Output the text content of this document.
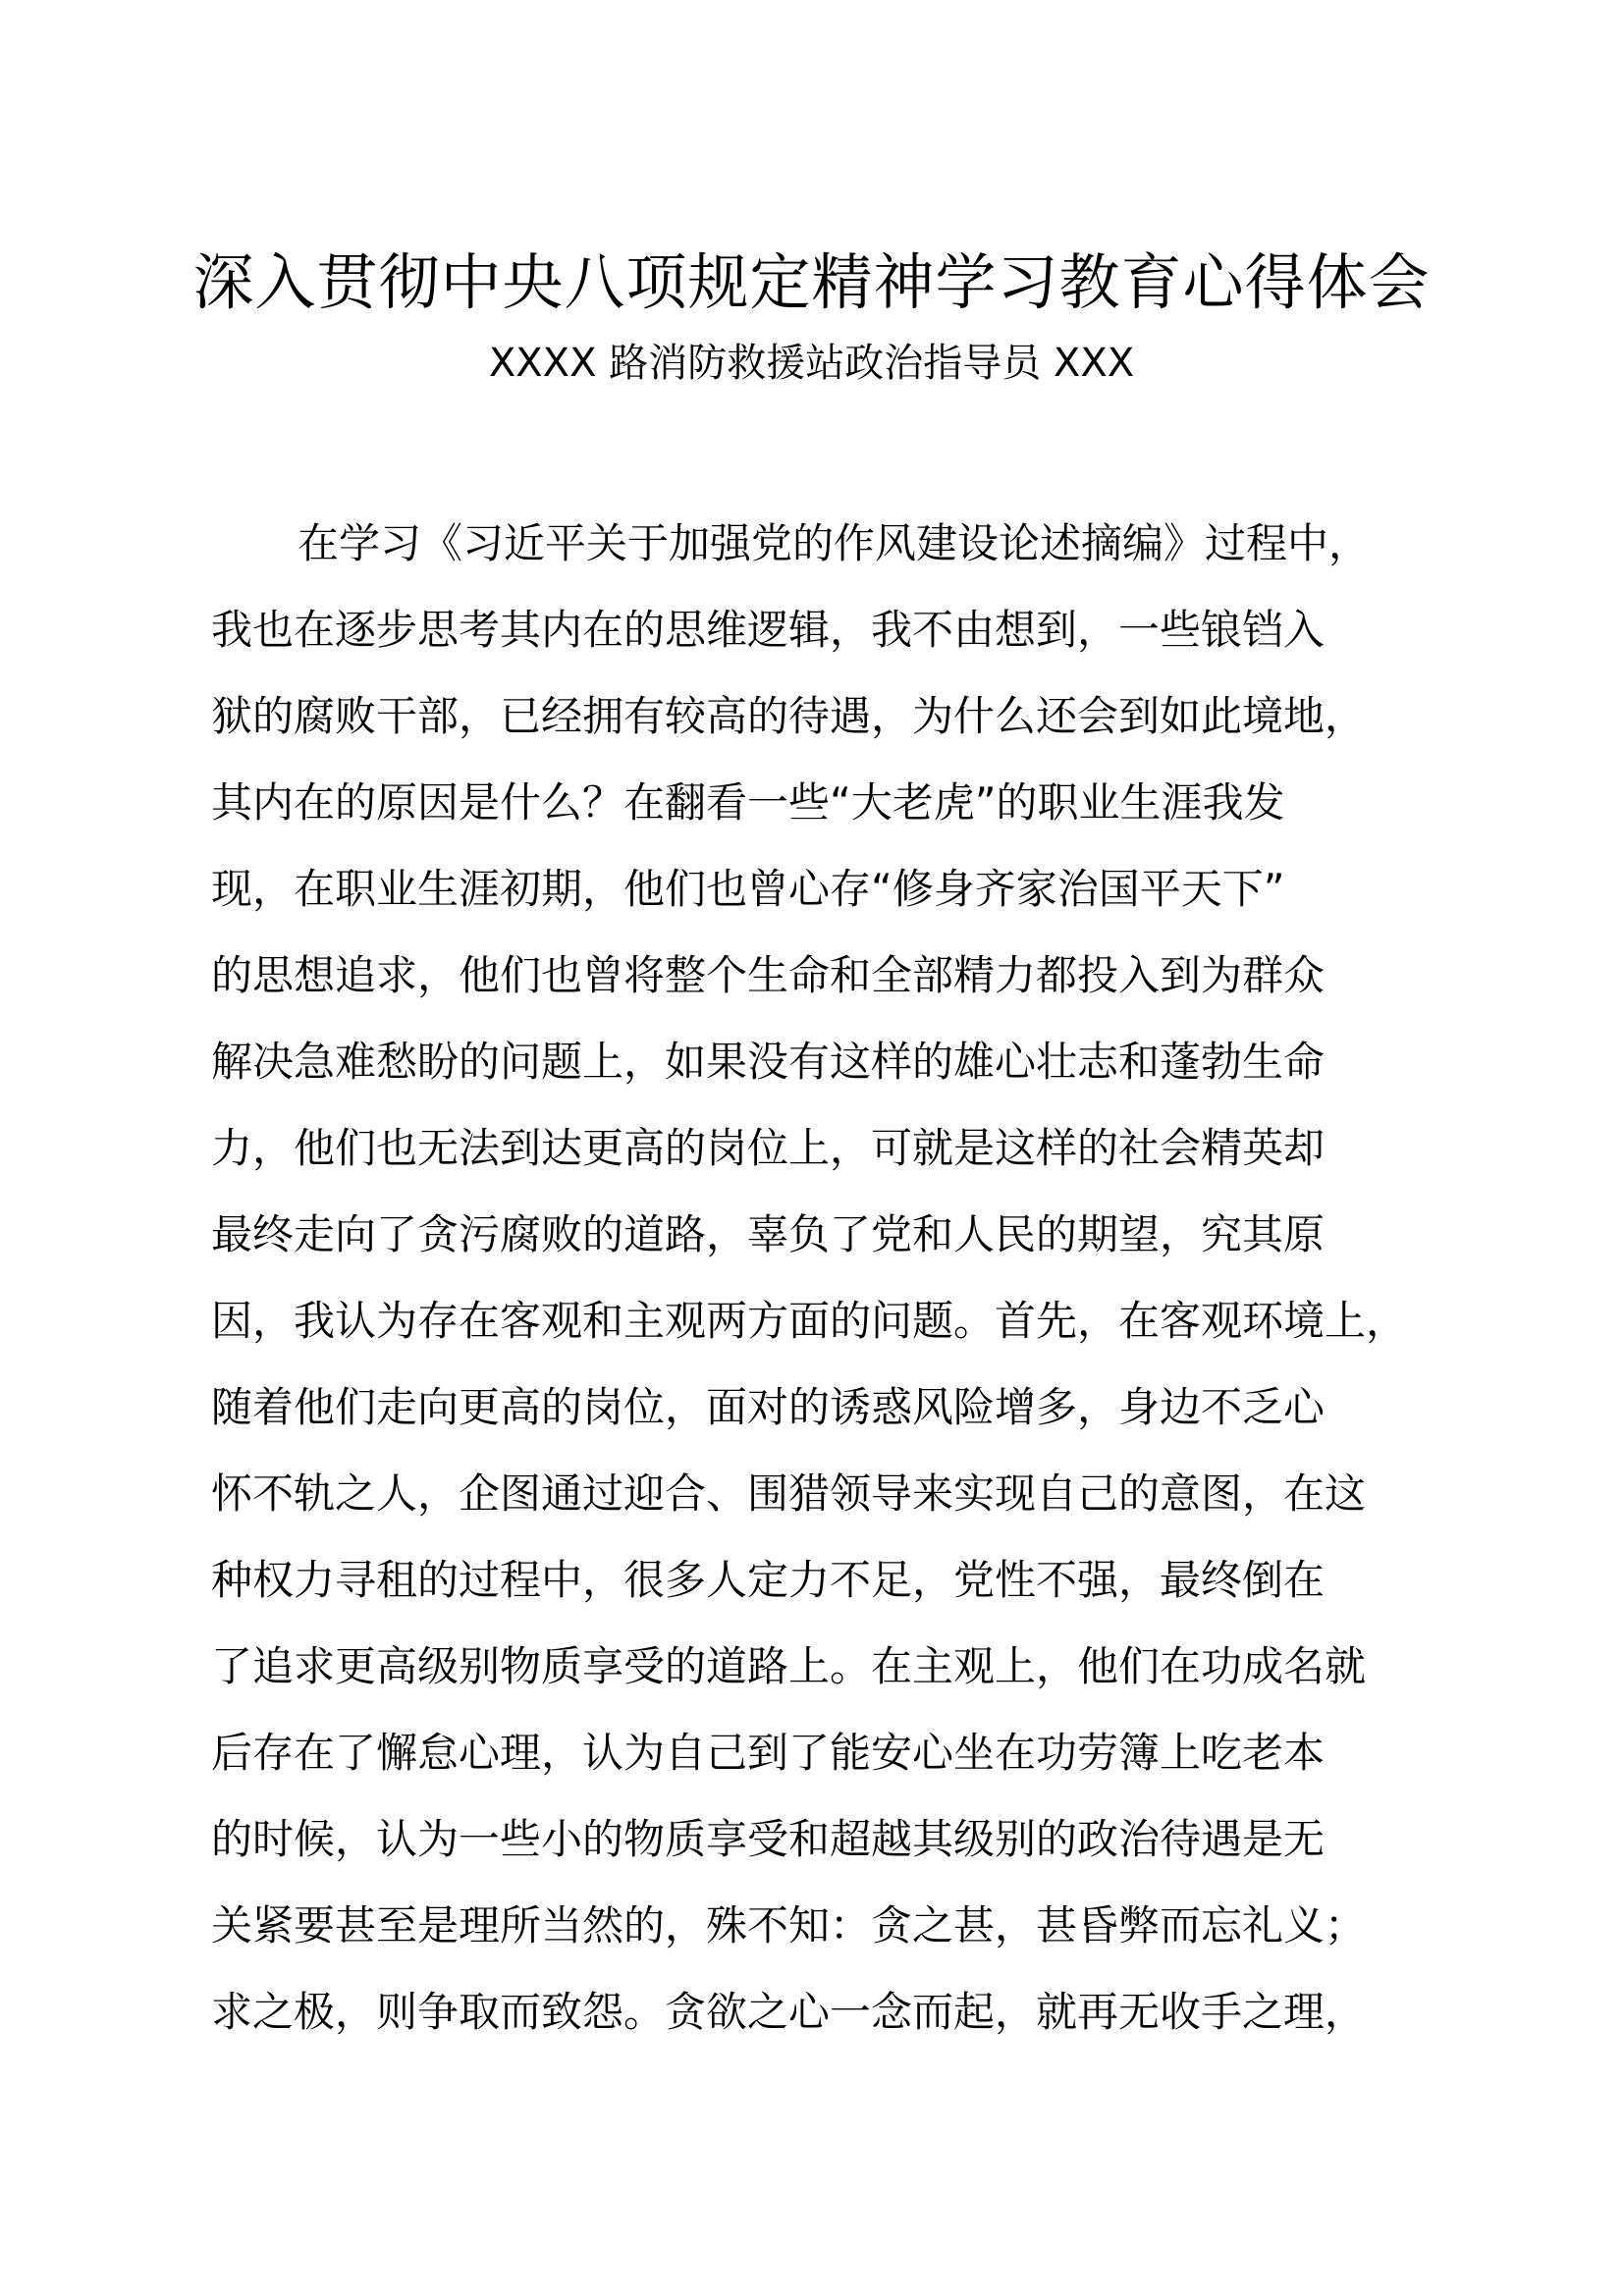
深入贯彻中央八项规定精神学习教育心得体会
XXXX 路消防救援站政治指导员 XXX
在学习《习近平关于加强党的作风建设论述摘编》过程中，
我也在逐步思考其内在的思维逻辑，我不由想到，一些锒铛入
狱的腐败干部，已经拥有较高的待遇，为什么还会到如此境地，
其内在的原因是什么？在翻看一些“大老虎”的职业生涯我发
现，在职业生涯初期，他们也曾心存“修身齐家治国平天下”
的思想追求，他们也曾将整个生命和全部精力都投入到为群众
解决急难愁盼的问题上，如果没有这样的雄心壮志和蓬勃生命
力，他们也无法到达更高的岗位上，可就是这样的社会精英却
最终走向了贪污腐败的道路，辜负了党和人民的期望，究其原
因，我认为存在客观和主观两方面的问题。首先，在客观环境上，
随着他们走向更高的岗位，面对的诱惑风险增多，身边不乏心
怀不轨之人，企图通过迎合、围猎领导来实现自己的意图，在这
种权力寻租的过程中，很多人定力不足，党性不强，最终倒在
了追求更高级别物质享受的道路上。在主观上，他们在功成名就
后存在了懈怠心理，认为自己到了能安心坐在功劳簿上吃老本
的时候，认为一些小的物质享受和超越其级别的政治待遇是无
关紧要甚至是理所当然的，殊不知：贪之甚，甚昏弊而忘礼义；
求之极，则争取而致怨。贪欲之心一念而起，就再无收手之理，
